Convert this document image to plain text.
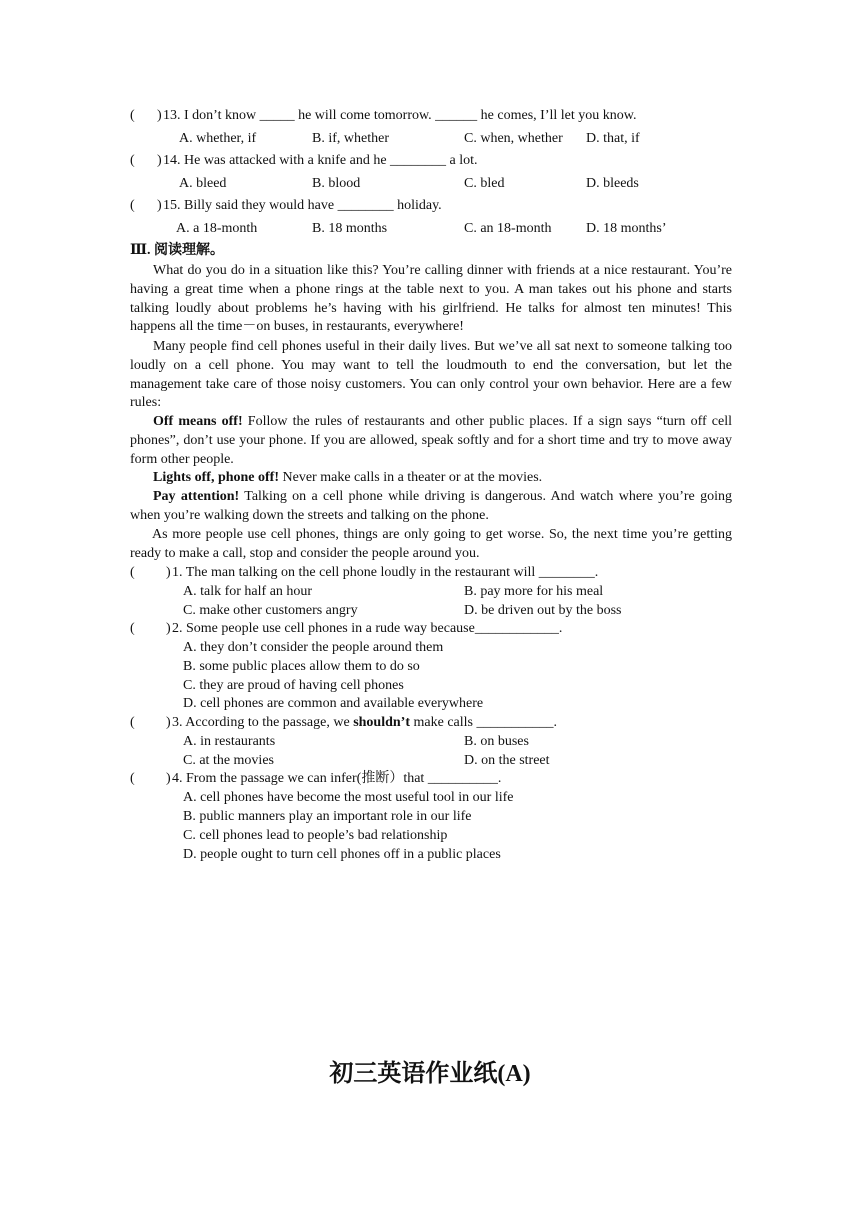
( ) 13. I don’t know _____ he will come tomorrow. ______ he comes, I’ll let you know.
A. whether, if	B. if, whether	C. when, whether D. that, if
( ) 14. He was attacked with a knife and he ________ a lot.
A. bleed	B. blood	C. bled	D. bleeds
( ) 15. Billy said they would have ________ holiday.
A. a 18-month	B. 18 months	C. an 18-month D. 18 months’
Ⅲ. 阅读理解。
What do you do in a situation like this? You’re calling dinner with friends at a nice restaurant. You’re having a great time when a phone rings at the table next to you. A man takes out his phone and starts talking loudly about problems he’s having with his girlfriend. He talks for almost ten minutes! This happens all the time－on buses, in restaurants, everywhere!
Many people find cell phones useful in their daily lives. But we’ve all sat next to someone talking too loudly on a cell phone. You may want to tell the loudmouth to end the conversation, but let the management take care of those noisy customers. You can only control your own behavior. Here are a few rules:
Off means off! Follow the rules of restaurants and other public places. If a sign says “turn off cell phones”, don’t use your phone. If you are allowed, speak softly and for a short time and try to move away form other people.
Lights off, phone off! Never make calls in a theater or at the movies.
Pay attention! Talking on a cell phone while driving is dangerous. And watch where you’re going when you’re walking down the streets and talking on the phone.
As more people use cell phones, things are only going to get worse. So, the next time you’re getting ready to make a call, stop and consider the people around you.
( ) 1. The man talking on the cell phone loudly in the restaurant will ________.
A. talk for half an hour	B. pay more for his meal
C. make other customers angry	D. be driven out by the boss
( ) 2. Some people use cell phones in a rude way because____________.
A. they don’t consider the people around them
B. some public places allow them to do so
C. they are proud of having cell phones
D. cell phones are common and available everywhere
( ) 3. According to the passage, we shouldn’t make calls ___________.
A. in restaurants	B. on buses
C. at the movies	D. on the street
( ) 4. From the passage we can infer(推断）that __________.
A. cell phones have become the most useful tool in our life
B. public manners play an important role in our life
C. cell phones lead to people’s bad relationship
D. people ought to turn cell phones off in a public places
初三英语作业纸(A)
